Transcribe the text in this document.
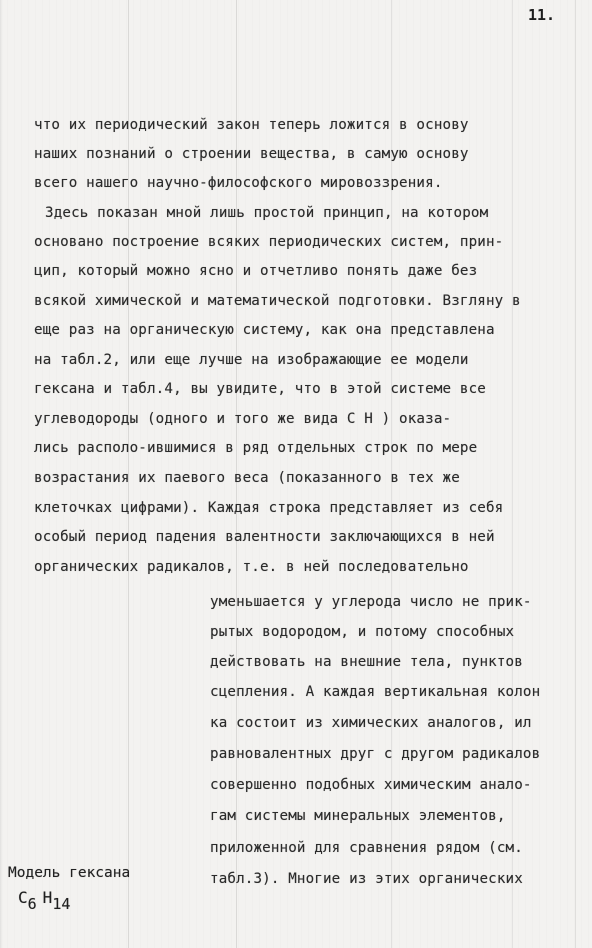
11.
что их периодический закон теперь ложится в основу
наших познаний о строении вещества, в самую основу
всего нашего научно-философского мировоззрения.
Здесь показан мной лишь простой принцип, на котором
основано построение всяких периодических систем, прин-
цип, который можно ясно и отчетливо понять даже без
всякой химической и математической подготовки. Взгляну в
еще раз на органическую систему, как она представлена
на табл.2, или еще лучше на изображающие ее модели
гексана и табл.4, вы увидите, что в этой системе все
углеводороды (одного и того же вида C H ) оказа-
лись располо-ившимися в ряд отдельных строк по мере
возрастания их паевого веса (показанного в тех же
клеточках цифрами). Каждая строка представляет из себя
особый период падения валентности заключающихся в ней
органических радикалов, т.е. в ней последовательно
уменьшается у углерода число не прик-
рытых водородом, и потому способных
действовать на внешние тела, пунктов
сцепления. А каждая вертикальная колон
ка состоит из химических аналогов, ил
равновалентных друг с другом радикалов
совершенно подобных химическим анало-
гам системы минеральных элементов,
приложенной для сравнения рядом (см.
табл.3). Многие из этих органических
Модель гексана
C6 H14
